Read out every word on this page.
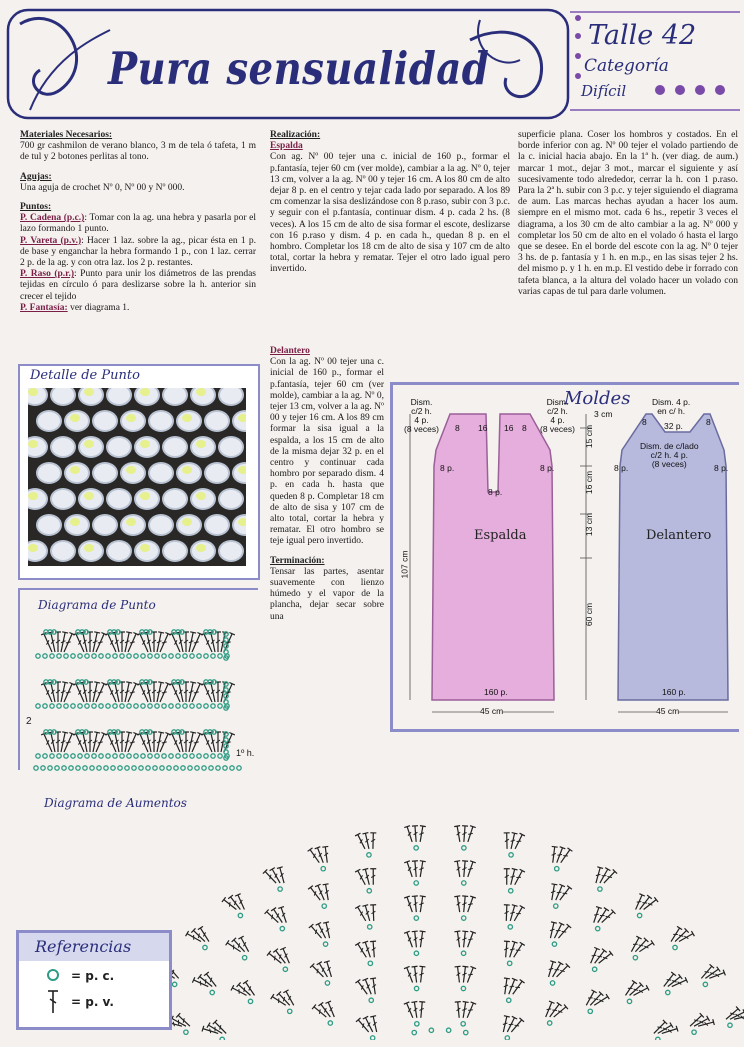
Pura sensualidad
Talle 42
Categoría
Difícil

Materiales Necesarios:

700 gr cashmilon de verano blanco, 3 m de tela ó tafeta, 1 m de tul y 2 botones perlitas al tono.

Agujas:

Una aguja de crochet Nº 0, Nº 00 y Nº 000.

Puntos:

P. Cadena (p.c.): Tomar con la ag. una hebra y pasarla por el lazo formando 1 punto.

P. Vareta (p.v.): Hacer 1 laz. sobre la ag., picar ésta en 1 p. de base y enganchar la hebra formando 1 p., con 1 laz. cerrar 2 p. de la ag. y con otra laz. los 2 p. restantes.

P. Raso (p.r.): Punto para unir los diámetros de las prendas tejidas en círculo ó para deslizarse sobre la h. anterior sin crecer el tejido

P. Fantasía: ver diagrama 1.

Realización:

Espalda

Con ag. Nº 00 tejer una c. inicial de 160 p., formar el p.fantasía, tejer 60 cm (ver molde), cambiar a la ag. Nº 0, tejer 13 cm, volver a la ag. Nº 00 y tejer 16 cm. A los 80 cm de alto dejar 8 p. en el centro y tejar cada lado por separado. A los 89 cm comenzar la sisa deslizándose con 8 p.raso, subir con 3 p.c. y seguir con el p.fantasía, continuar dism. 4 p. cada 2 hs. (8 veces). A los 15 cm de alto de sisa formar el escote, deslizarse con 16 p.raso y dism. 4 p. en cada h., quedan 8 p. en el hombro. Completar los 18 cm de alto de sisa y 107 cm de alto total, cortar la hebra y rematar. Tejer el otro lado igual pero invertido.

Delantero

Con la ag. Nº 00 tejer una c. inicial de 160 p., formar el p.fantasía, tejer 60 cm (ver molde), cambiar a la ag. Nº 0, tejer 13 cm, volver a la ag. Nº 00 y tejer 16 cm. A los 89 cm formar la sisa igual a la espalda, a los 15 cm de alto de la misma dejar 32 p. en el centro y continuar cada hombro por separado dism. 4 p. en cada h. hasta que queden 8 p. Completar 18 cm de alto de sisa y 107 cm de alto total, cortar la hebra y rematar. El otro hombro se teje igual pero invertido.

Terminación:

Tensar las partes, asentar suavemente con lienzo húmedo y el vapor de la plancha, dejar secar sobre una

superficie plana. Coser los hombros y costados. En el borde inferior con ag. Nº 00 tejer el volado partiendo de la c. inicial hacia abajo. En la 1ª h. (ver diag. de aum.) marcar 1 mot., dejar 3 mot., marcar el siguiente y así sucesivamente todo alrededor, cerrar la h. con 1 p.raso. Para la 2ª h. subir con 3 p.c. y tejer siguiendo el diagrama de aum. Las marcas hechas ayudan a hacer los aum. siempre en el mismo mot. cada 6 hs., repetir 3 veces el diagrama, a los 30 cm de alto cambiar a la ag. Nº 000 y completar los 50 cm de alto en el volado ó hasta el largo que se desee. En el borde del escote con la ag. Nº 0 tejer 3 hs. de p. fantasía y 1 h. en m.p., en las sisas tejer 2 hs. del mismo p. y 1 h. en m.p. El vestido debe ir forrado con tafeta blanca, a la altura del volado hacer un volado con varias capas de tul para darle volumen.

Detalle de Punto
Diagrama de Punto
2
1º h.
Moldes
Dism.
c/2 h.
4 p.
(8 veces)
Dism.
c/2 h.
4 p.
(8 veces)
8 16 16 8
8 p.	8 p.
8 p.
Espalda
160 p.
45 cm
107 cm
Dism. 4 p.
en c/ h.
8	8
32 p.
Dism. de c/lado
c/2 h. 4 p.
(8 veces)
8 p.	8 p.
Delantero
160 p.
45 cm
3 cm
15 cm
16 cm
13 cm
60 cm
Diagrama de Aumentos
Referencias
= p. c.
= p. v.
